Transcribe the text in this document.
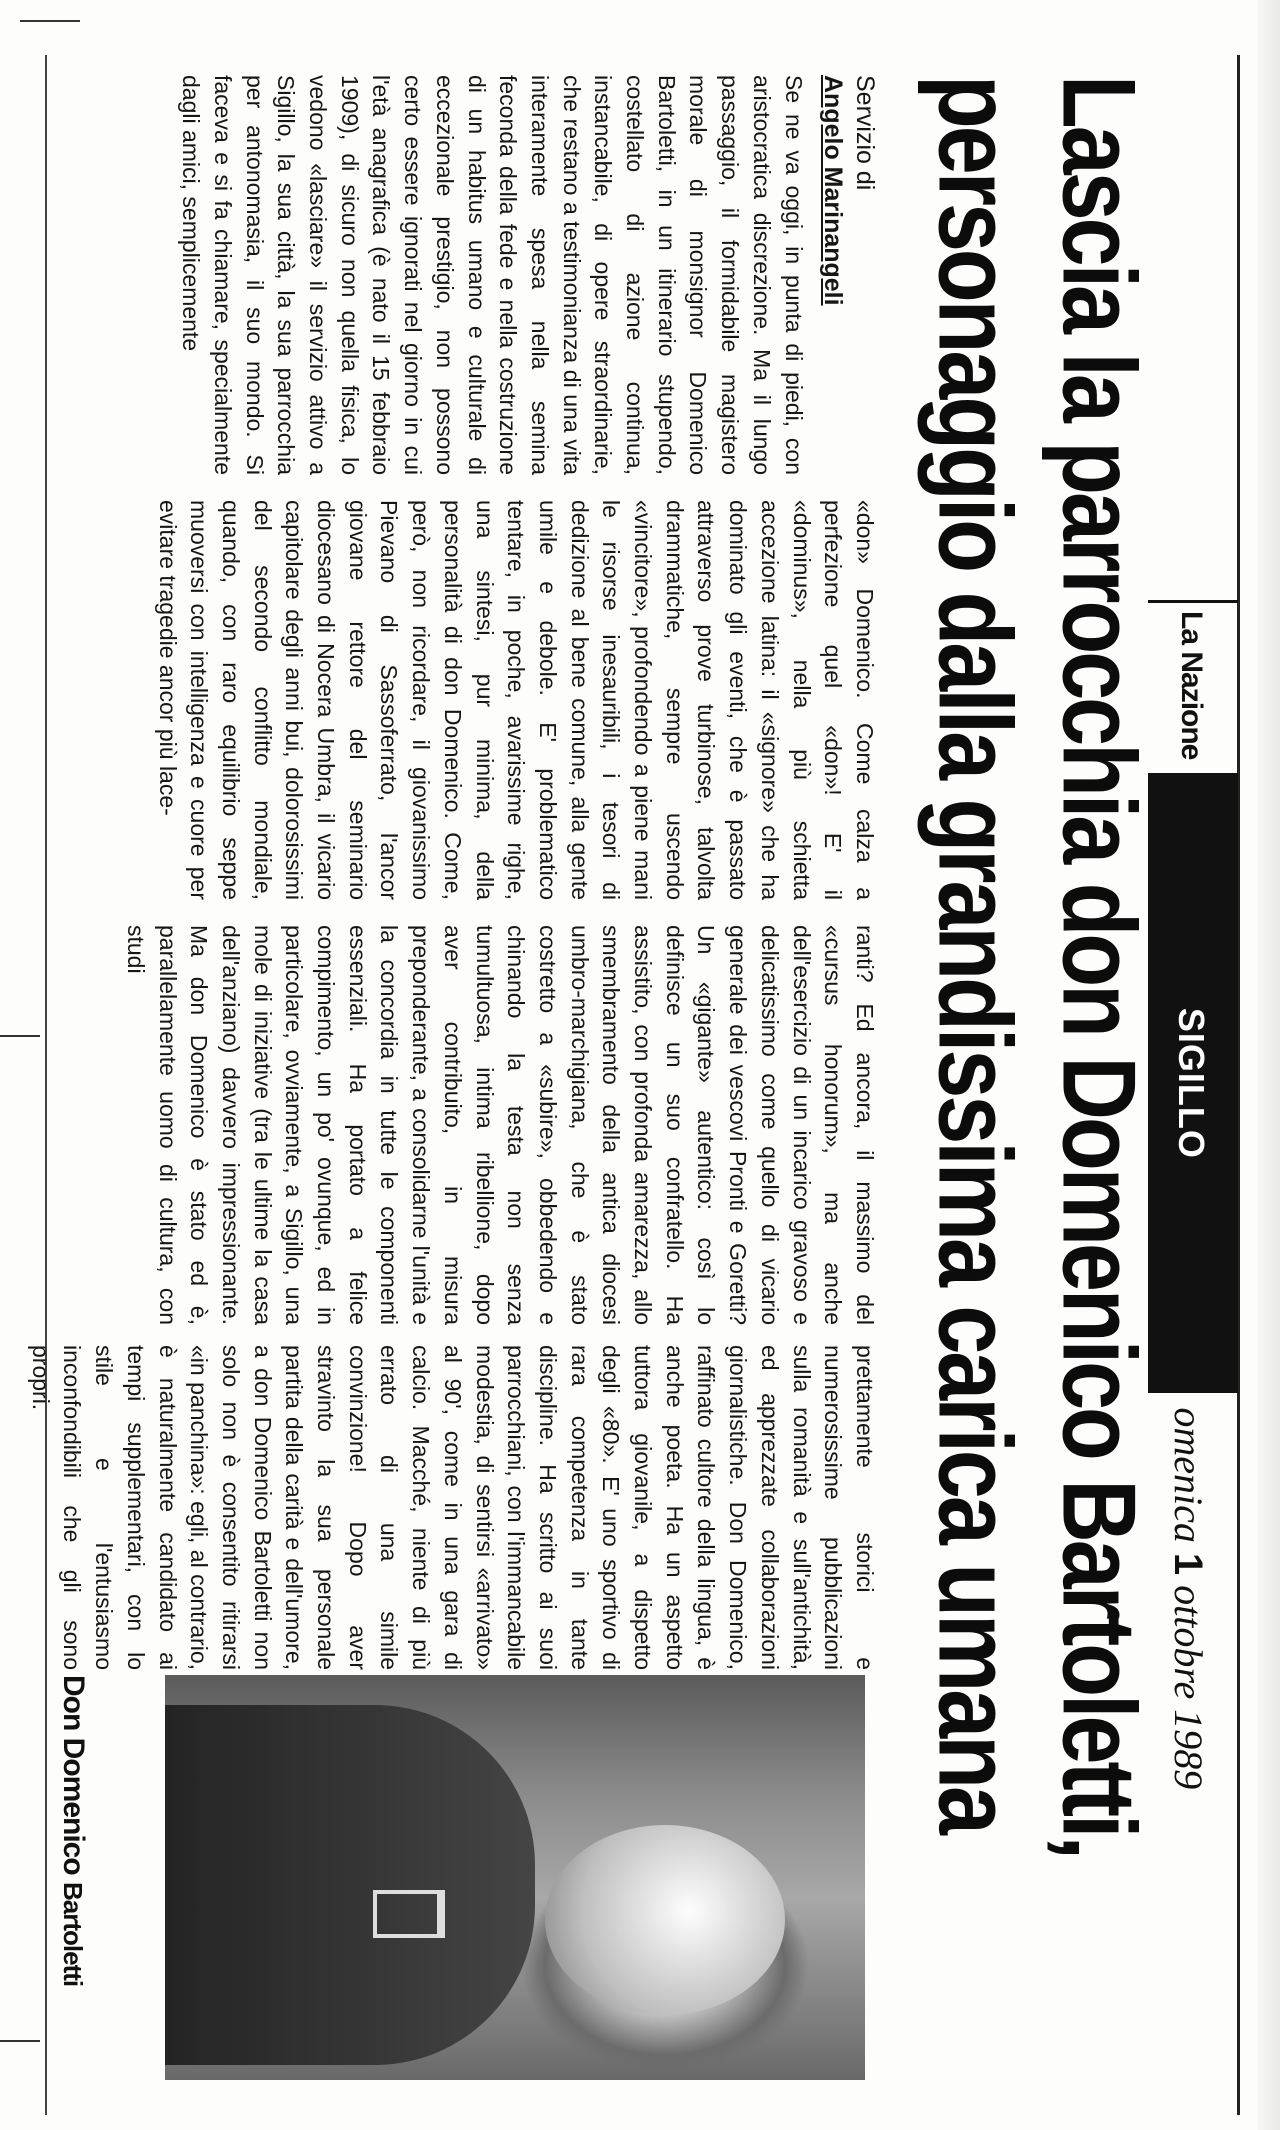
La Nazione
SIGILLO
omenica 1 ottobre 1989
Lascia la parrocchia don Domenico Bartoletti,
personaggio dalla grandissima carica umana
Servizio di
Angelo Marinangeli

Se ne va oggi, in punta di piedi, con aristocratica discrezione. Ma il lungo passaggio, il formidabile magistero morale di monsignor Domenico Bartoletti, in un itinerario stupendo, costellato di azione continua, instancabile, di opere straordinarie, che restano a testimonianza di una vita interamente spesa nella semina feconda della fede e nella costruzione di un habitus umano e culturale di eccezionale prestigio, non possono certo essere ignorati nel giorno in cui l'età anagrafica (è nato il 15 febbraio 1909), di sicuro non quella fisica, lo vedono «lasciare» il servizio attivo a Sigillo, la sua città, la sua parrocchia per antonomasia, il suo mondo. Si faceva e si fa chiamare, specialmente dagli amici, semplicemente

«don» Domenico. Come calza a perfezione quel «don»! E' il «dominus», nella più schietta accezione latina: il «signore» che ha dominato gli eventi, che è passato attraverso prove turbinose, talvolta drammatiche, sempre uscendo «vincitore», profondendo a piene mani le risorse inesauribili, i tesori di dedizione al bene comune, alla gente umile e debole. E' problematico tentare, in poche, avarissime righe, una sintesi, pur minima, della personalità di don Domenico. Come, però, non ricordare, il giovanissimo Pievano di Sassoferrato, l'ancor giovane rettore del seminario diocesano di Nocera Umbra, il vicario capitolare degli anni bui, dolorosissimi del secondo conflitto mondiale, quando, con raro equilibrio seppe muoversi con intelligenza e cuore per evitare tragedie ancor più lace-

ranti? Ed ancora, il massimo del «cursus honorum», ma anche dell'esercizio di un incarico gravoso e delicatissimo come quello di vicario generale dei vescovi Pronti e Goretti? Un «gigante» autentico: così lo definisce un suo confratello. Ha assistito, con profonda amarezza, allo smembramento della antica diocesi umbro-marchigiana, che è stato costretto a «subire», obbedendo e chinando la testa non senza tumultuosa, intima ribellione, dopo aver contribuito, in misura preponderante, a consolidarne l'unità e la concordia in tutte le componenti essenziali. Ha portato a felice compimento, un po' ovunque, ed in particolare, ovviamente, a Sigillo, una mole di iniziative (tra le ultime la casa dell'anziano) davvero impressionante. Ma don Domenico è stato ed è, parallelamente uomo di cultura, con studi

prettamente storici e numerosissime pubblicazioni sulla romanità e sull'antichità, ed apprezzate collaborazioni giornalistiche. Don Domenico, raffinato cultore della lingua, è anche poeta. Ha un aspetto tuttora giovanile, a dispetto degli «80». E' uno sportivo di rara competenza in tante discipline. Ha scritto ai suoi parrocchiani, con l'immancabile modestia, di sentirsi «arrivato» al 90', come in una gara di calcio. Macché, niente di più errato di una simile convinzione! Dopo aver stravinto la sua personale partita della carità e dell'umore, a don Domenico Bartoletti non solo non è consentito ritirarsi «in panchina»: egli, al contrario, è naturalmente candidato ai tempi supplementari, con lo stile e l'entusiasmo inconfondibili che gli sono propri.

Don Domenico Bartoletti
